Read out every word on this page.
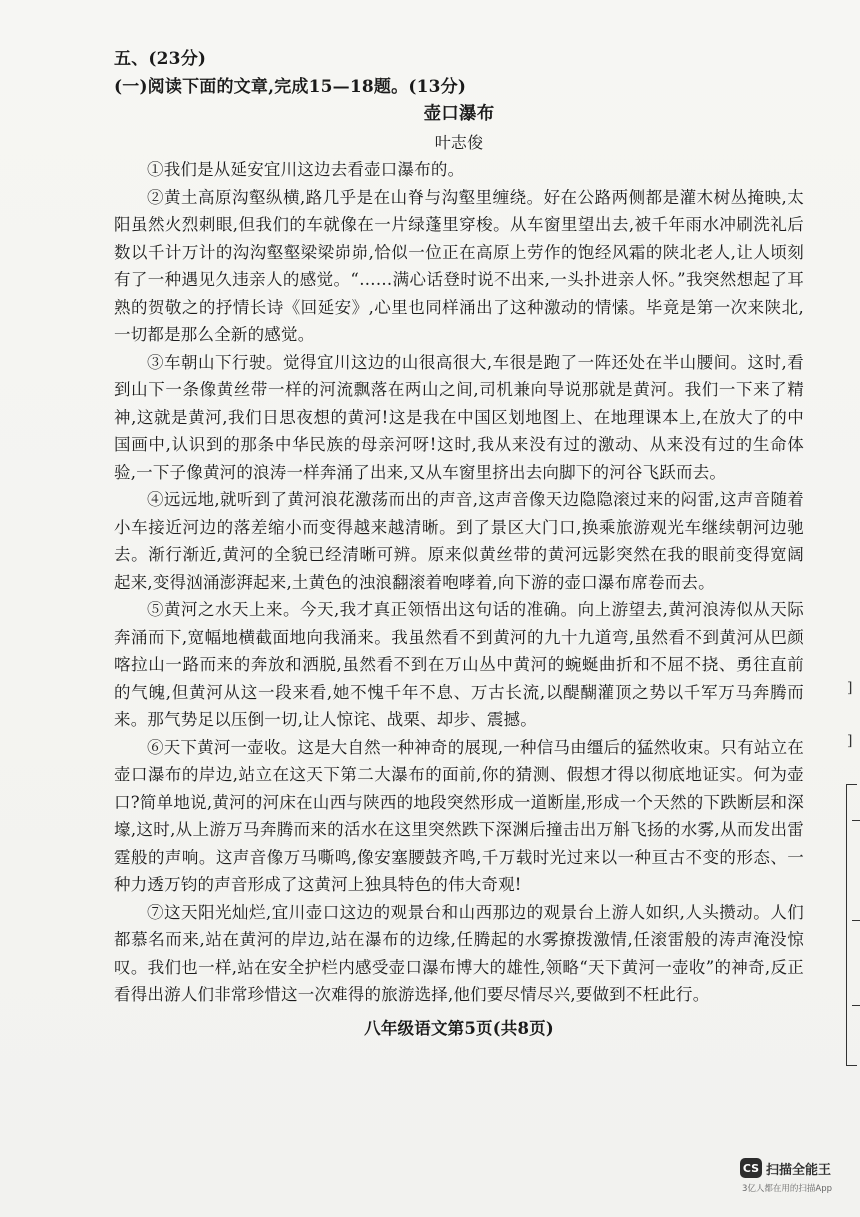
五、(23分)
(一)阅读下面的文章,完成15—18题。(13分)
壶口瀑布
叶志俊

①我们是从延安宜川这边去看壶口瀑布的。

②黄土高原沟壑纵横,路几乎是在山脊与沟壑里缠绕。好在公路两侧都是灌木树丛掩映,太阳虽然火烈刺眼,但我们的车就像在一片绿蓬里穿梭。从车窗里望出去,被千年雨水冲刷洗礼后数以千计万计的沟沟壑壑梁梁峁峁,恰似一位正在高原上劳作的饱经风霜的陕北老人,让人顷刻有了一种遇见久违亲人的感觉。“……满心话登时说不出来,一头扑进亲人怀。”我突然想起了耳熟的贺敬之的抒情长诗《回延安》,心里也同样涌出了这种激动的情愫。毕竟是第一次来陕北,一切都是那么全新的感觉。

③车朝山下行驶。觉得宜川这边的山很高很大,车很是跑了一阵还处在半山腰间。这时,看到山下一条像黄丝带一样的河流飘落在两山之间,司机兼向导说那就是黄河。我们一下来了精神,这就是黄河,我们日思夜想的黄河!这是我在中国区划地图上、在地理课本上,在放大了的中国画中,认识到的那条中华民族的母亲河呀!这时,我从来没有过的激动、从来没有过的生命体验,一下子像黄河的浪涛一样奔涌了出来,又从车窗里挤出去向脚下的河谷飞跃而去。

④远远地,就听到了黄河浪花激荡而出的声音,这声音像天边隐隐滚过来的闷雷,这声音随着小车接近河边的落差缩小而变得越来越清晰。到了景区大门口,换乘旅游观光车继续朝河边驰去。渐行渐近,黄河的全貌已经清晰可辨。原来似黄丝带的黄河远影突然在我的眼前变得宽阔起来,变得汹涌澎湃起来,土黄色的浊浪翻滚着咆哮着,向下游的壶口瀑布席卷而去。

⑤黄河之水天上来。今天,我才真正领悟出这句话的准确。向上游望去,黄河浪涛似从天际奔涌而下,宽幅地横截面地向我涌来。我虽然看不到黄河的九十九道弯,虽然看不到黄河从巴颜喀拉山一路而来的奔放和洒脱,虽然看不到在万山丛中黄河的蜿蜒曲折和不屈不挠、勇往直前的气魄,但黄河从这一段来看,她不愧千年不息、万古长流,以醍醐灌顶之势以千军万马奔腾而来。那气势足以压倒一切,让人惊诧、战栗、却步、震撼。

⑥天下黄河一壶收。这是大自然一种神奇的展现,一种信马由缰后的猛然收束。只有站立在壶口瀑布的岸边,站立在这天下第二大瀑布的面前,你的猜测、假想才得以彻底地证实。何为壶口?简单地说,黄河的河床在山西与陕西的地段突然形成一道断崖,形成一个天然的下跌断层和深壕,这时,从上游万马奔腾而来的活水在这里突然跌下深渊后撞击出万斛飞扬的水雾,从而发出雷霆般的声响。这声音像万马嘶鸣,像安塞腰鼓齐鸣,千万载时光过来以一种亘古不变的形态、一种力透万钧的声音形成了这黄河上独具特色的伟大奇观!

⑦这天阳光灿烂,宜川壶口这边的观景台和山西那边的观景台上游人如织,人头攒动。人们都慕名而来,站在黄河的岸边,站在瀑布的边缘,任腾起的水雾撩拨激情,任滚雷般的涛声淹没惊叹。我们也一样,站在安全护栏内感受壶口瀑布博大的雄性,领略“天下黄河一壶收”的神奇,反正看得出游人们非常珍惜这一次难得的旅游选择,他们要尽情尽兴,要做到不枉此行。

八年级语文第5页(共8页)
]
]
CS 扫描全能王
3亿人都在用的扫描App
